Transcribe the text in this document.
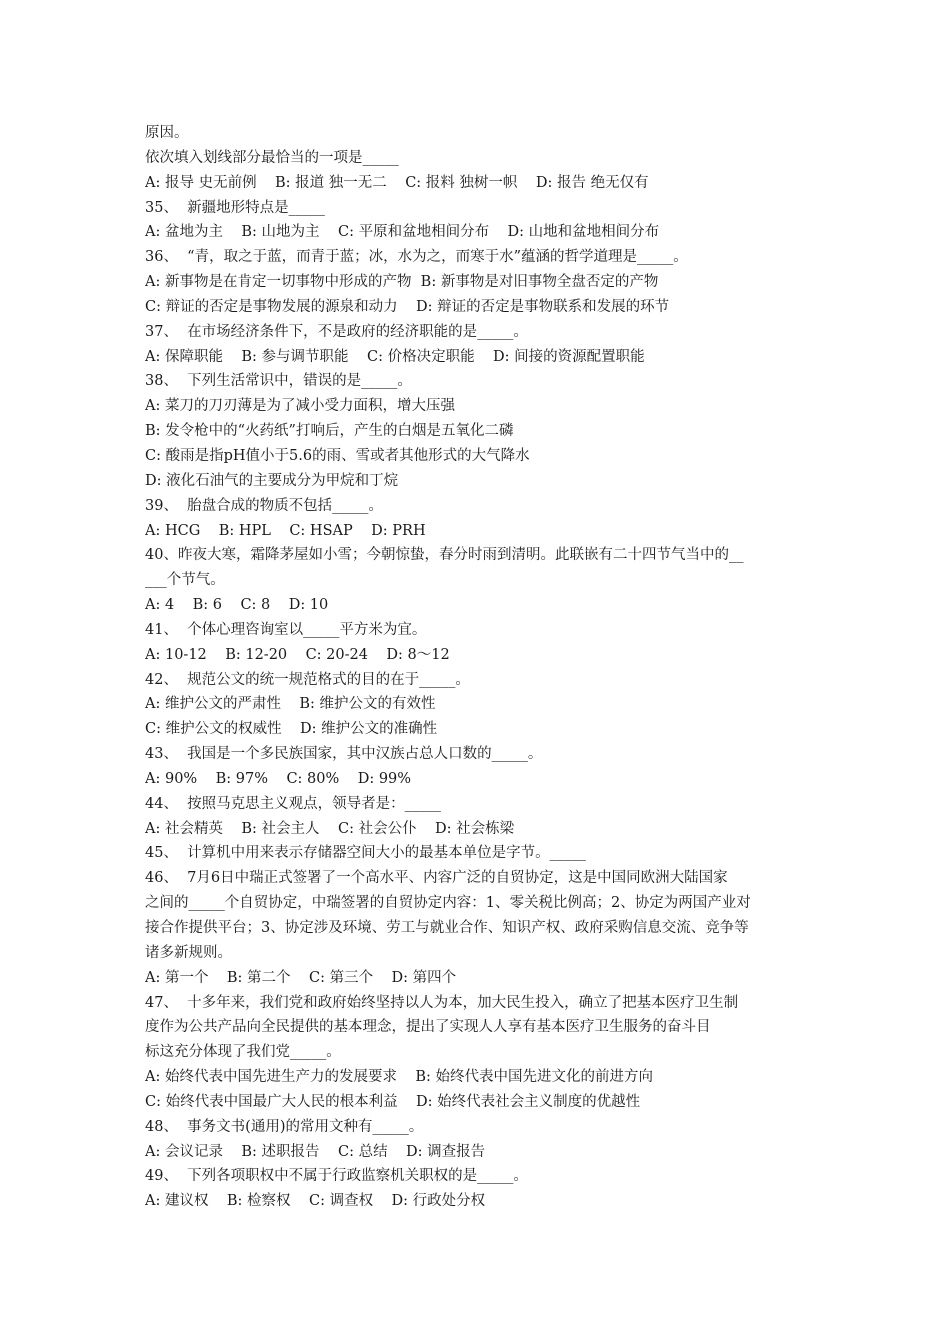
原因。
依次填入划线部分最恰当的一项是_____
A: 报导 史无前例    B: 报道 独一无二    C: 报料 独树一帜    D: 报告 绝无仅有
35、  新疆地形特点是_____
A: 盆地为主    B: 山地为主    C: 平原和盆地相间分布    D: 山地和盆地相间分布
36、  “青，取之于蓝，而青于蓝；冰，水为之，而寒于水”蕴涵的哲学道理是_____。
A: 新事物是在肯定一切事物中形成的产物  B: 新事物是对旧事物全盘否定的产物
C: 辩证的否定是事物发展的源泉和动力    D: 辩证的否定是事物联系和发展的环节
37、  在市场经济条件下，不是政府的经济职能的是_____。
A: 保障职能    B: 参与调节职能    C: 价格决定职能    D: 间接的资源配置职能
38、  下列生活常识中，错误的是_____。
A: 菜刀的刀刃薄是为了减小受力面积，增大压强
B: 发令枪中的“火药纸”打响后，产生的白烟是五氧化二磷
C: 酸雨是指pH值小于5.6的雨、雪或者其他形式的大气降水
D: 液化石油气的主要成分为甲烷和丁烷
39、  胎盘合成的物质不包括_____。
A: HCG    B: HPL    C: HSAP    D: PRH
40、昨夜大寒，霜降茅屋如小雪；今朝惊蛰，春分时雨到清明。此联嵌有二十四节气当中的__
___个节气。
A: 4    B: 6    C: 8    D: 10
41、  个体心理咨询室以_____平方米为宜。
A: 10-12    B: 12-20    C: 20-24    D: 8～12
42、  规范公文的统一规范格式的目的在于_____。
A: 维护公文的严肃性    B: 维护公文的有效性
C: 维护公文的权威性    D: 维护公文的准确性
43、  我国是一个多民族国家，其中汉族占总人口数的_____。
A: 90%    B: 97%    C: 80%    D: 99%
44、  按照马克思主义观点，领导者是：_____
A: 社会精英    B: 社会主人    C: 社会公仆    D: 社会栋梁
45、  计算机中用来表示存储器空间大小的最基本单位是字节。_____
46、  7月6日中瑞正式签署了一个高水平、内容广泛的自贸协定，这是中国同欧洲大陆国家
之间的_____个自贸协定，中瑞签署的自贸协定内容：1、零关税比例高；2、协定为两国产业对
接合作提供平台；3、协定涉及环境、劳工与就业合作、知识产权、政府采购信息交流、竞争等
诸多新规则。
A: 第一个    B: 第二个    C: 第三个    D: 第四个
47、  十多年来，我们党和政府始终坚持以人为本，加大民生投入，确立了把基本医疗卫生制
度作为公共产品向全民提供的基本理念，提出了实现人人享有基本医疗卫生服务的奋斗目
标这充分体现了我们党_____。
A: 始终代表中国先进生产力的发展要求    B: 始终代表中国先进文化的前进方向
C: 始终代表中国最广大人民的根本利益    D: 始终代表社会主义制度的优越性
48、  事务文书(通用)的常用文种有_____。
A: 会议记录    B: 述职报告    C: 总结    D: 调查报告
49、  下列各项职权中不属于行政监察机关职权的是_____。
A: 建议权    B: 检察权    C: 调查权    D: 行政处分权
